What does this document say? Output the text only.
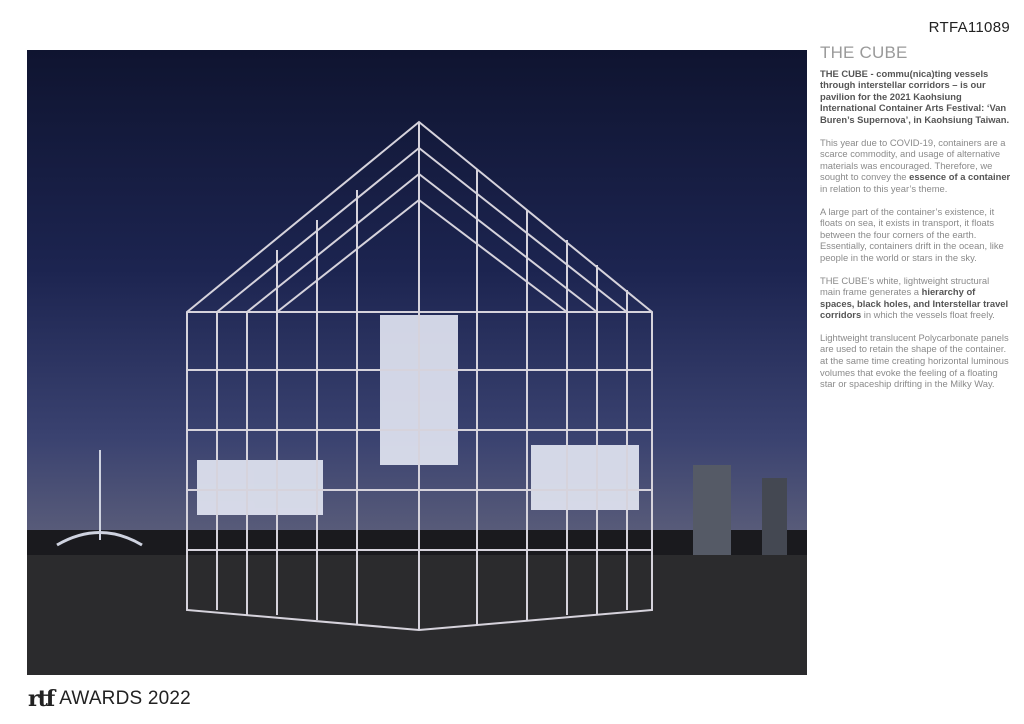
RTFA11089
THE CUBE

THE CUBE - commu(nica)ting vessels through interstellar corridors – is our pavilion for the 2021 Kaohsiung International Container Arts Festival: ‘Van Buren’s Supernova’, in Kaohsiung Taiwan.

This year due to COVID-19, containers are a scarce commodity, and usage of alternative materials was encouraged. Therefore, we sought to convey the essence of a container in relation to this year’s theme.

A large part of the container’s existence, it floats on sea, it exists in transport, it floats between the four corners of the earth. Essentially, containers drift in the ocean, like people in the world or stars in the sky.

THE CUBE’s white, lightweight structural main frame generates a hierarchy of spaces, black holes, and Interstellar travel corridors in which the vessels float freely.

Lightweight translucent Polycarbonate panels are used to retain the shape of the container. at the same time creating horizontal luminous volumes that evoke the feeling of a floating star or spaceship drifting in the Milky Way.

rtf AWARDS 2022
